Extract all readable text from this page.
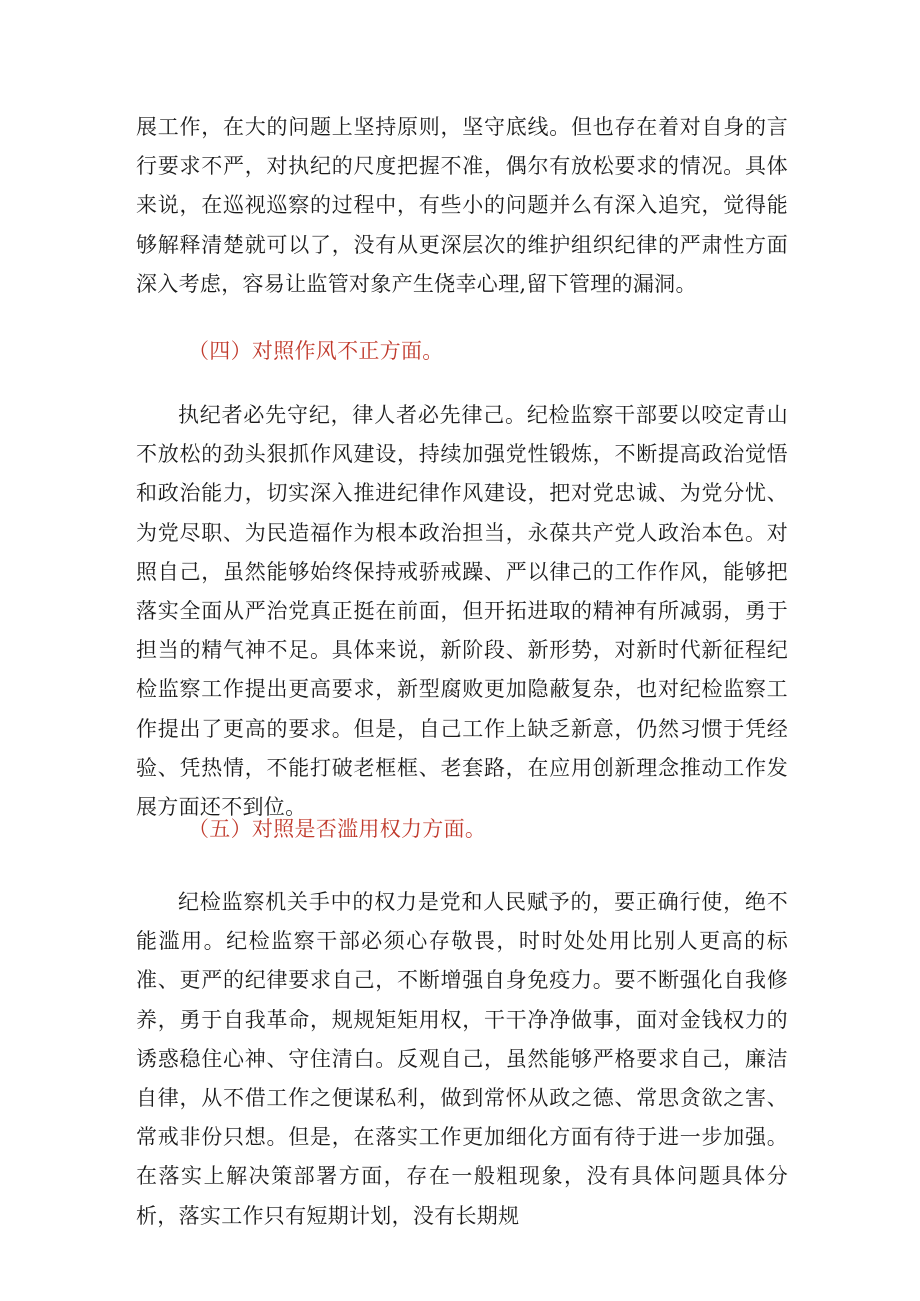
展工作，在大的问题上坚持原则，坚守底线。但也存在着对自身的言行要求不严，对执纪的尺度把握不准，偶尔有放松要求的情况。具体来说，在巡视巡察的过程中，有些小的问题并么有深入追究，觉得能够解释清楚就可以了，没有从更深层次的维护组织纪律的严肃性方面深入考虑，容易让监管对象产生侥幸心理,留下管理的漏洞。
（四）对照作风不正方面。
执纪者必先守纪，律人者必先律己。纪检监察干部要以咬定青山不放松的劲头狠抓作风建设，持续加强党性锻炼，不断提高政治觉悟和政治能力，切实深入推进纪律作风建设，把对党忠诚、为党分忧、为党尽职、为民造福作为根本政治担当，永葆共产党人政治本色。对照自己，虽然能够始终保持戒骄戒躁、严以律己的工作作风，能够把落实全面从严治党真正挺在前面，但开拓进取的精神有所减弱，勇于担当的精气神不足。具体来说，新阶段、新形势，对新时代新征程纪检监察工作提出更高要求，新型腐败更加隐蔽复杂，也对纪检监察工作提出了更高的要求。但是，自己工作上缺乏新意，仍然习惯于凭经验、凭热情，不能打破老框框、老套路，在应用创新理念推动工作发展方面还不到位。
（五）对照是否滥用权力方面。
纪检监察机关手中的权力是党和人民赋予的，要正确行使，绝不能滥用。纪检监察干部必须心存敬畏，时时处处用比别人更高的标准、更严的纪律要求自己，不断增强自身免疫力。要不断强化自我修养，勇于自我革命，规规矩矩用权，干干净净做事，面对金钱权力的诱惑稳住心神、守住清白。反观自己，虽然能够严格要求自己，廉洁自律，从不借工作之便谋私利，做到常怀从政之德、常思贪欲之害、常戒非份只想。但是，在落实工作更加细化方面有待于进一步加强。在落实上解决策部署方面，存在一般粗现象，没有具体问题具体分析，落实工作只有短期计划，没有长期规
